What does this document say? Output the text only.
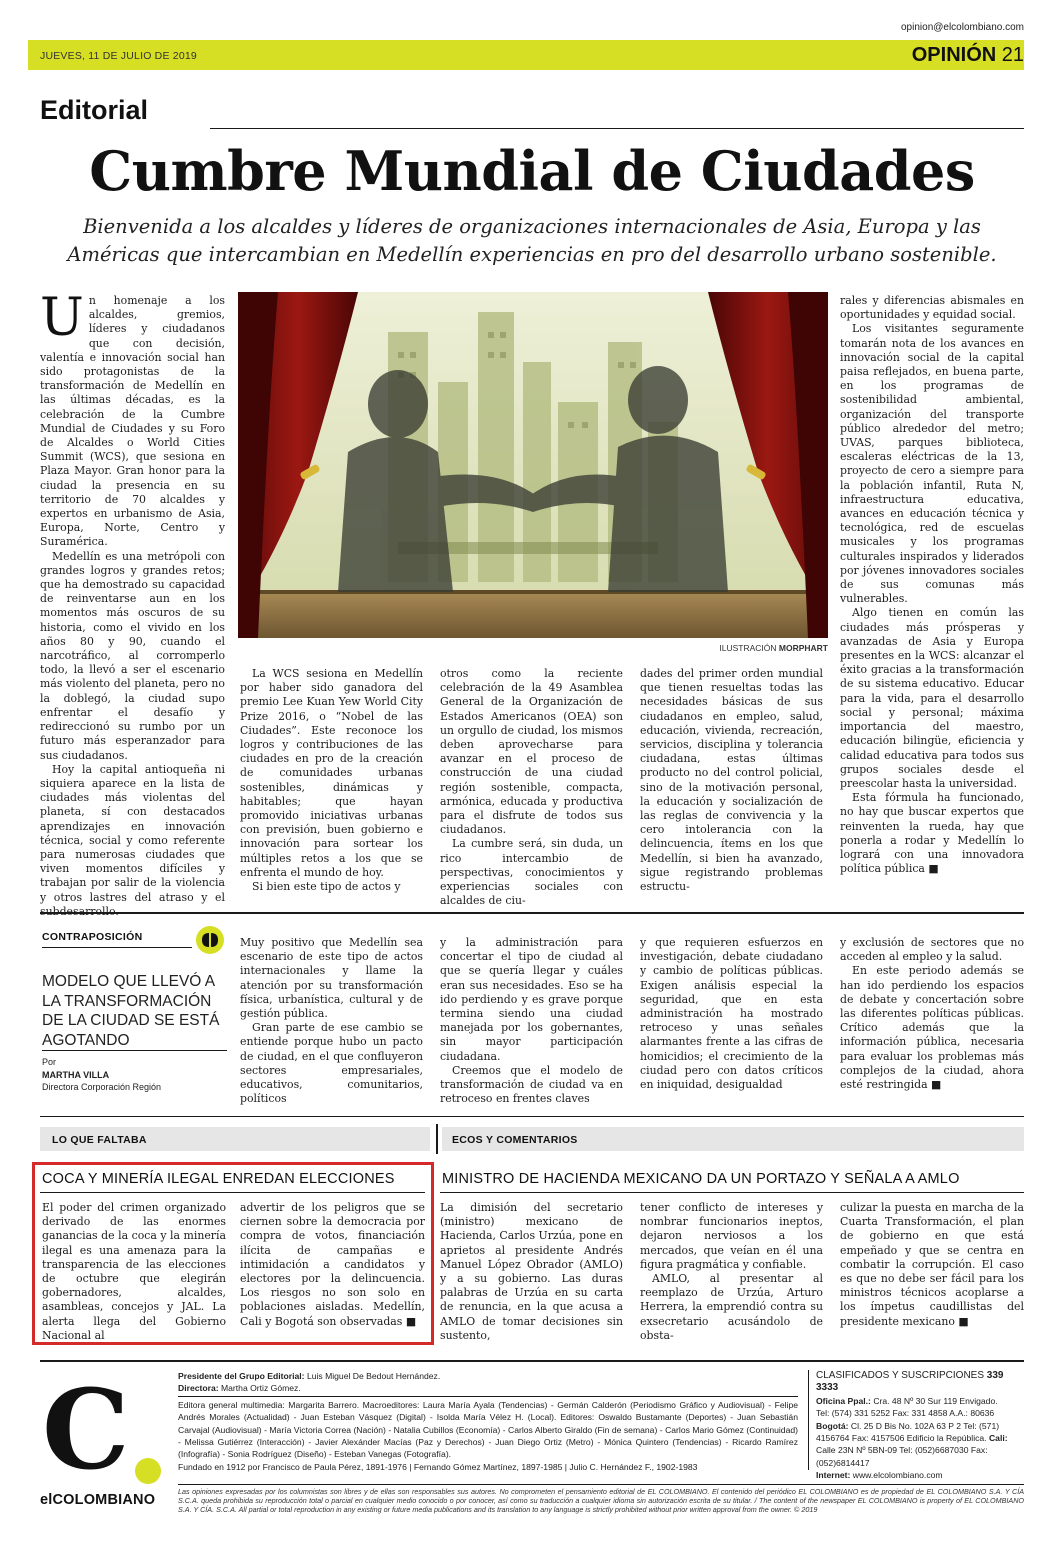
opinion@elcolombiano.com
JUEVES, 11 DE JULIO DE 2019	OPINIÓN 21
Editorial
Cumbre Mundial de Ciudades
Bienvenida a los alcaldes y líderes de organizaciones internacionales de Asia, Europa y las
Américas que intercambian en Medellín experiencias en pro del desarrollo urbano sostenible.

Un homenaje a los alcaldes, gremios, líderes y ciudadanos que con decisión, valentía e innovación social han sido protagonistas de la transformación de Medellín en las últimas décadas, es la celebración de la Cumbre Mundial de Ciudades y su Foro de Alcaldes o World Cities Summit (WCS), que sesiona en Plaza Mayor. Gran honor para la ciudad la presencia en su territorio de 70 alcaldes y expertos en urbanismo de Asia, Europa, Norte, Centro y Suramérica.

Medellín es una metrópoli con grandes logros y grandes retos; que ha demostrado su capacidad de reinventarse aun en los momentos más oscuros de su historia, como el vivido en los años 80 y 90, cuando el narcotráfico, al corromperlo todo, la llevó a ser el escenario más violento del planeta, pero no la doblegó, la ciudad supo enfrentar el desafío y redireccionó su rumbo por un futuro más esperanzador para sus ciudadanos.

Hoy la capital antioqueña ni siquiera aparece en la lista de ciudades más violentas del planeta, sí con destacados aprendizajes en innovación técnica, social y como referente para numerosas ciudades que viven momentos difíciles y trabajan por salir de la violencia y otros lastres del atraso y el

ILUSTRACIÓN MORPHART

La WCS sesiona en Medellín por haber sido ganadora del premio Lee Kuan Yew World City Prize 2016, o “Nobel de las Ciudades”. Este reconoce los logros y contribuciones de las ciudades en pro de la creación de comunidades urbanas sostenibles, dinámicas y habitables; que hayan promovido iniciativas urbanas con previsión, buen gobierno e innovación para sortear los múltiples retos a los que se enfrenta el mundo de hoy.

Si bien este tipo de actos y

otros como la reciente celebración de la 49 Asamblea General de la Organización de Estados Americanos (OEA) son un orgullo de ciudad, los mismos deben aprovecharse para avanzar en el proceso de construcción de una ciudad región sostenible, compacta, armónica, educada y productiva para el disfrute de todos sus ciudadanos.

La cumbre será, sin duda, un rico intercambio de perspectivas, conocimientos y experiencias sociales con alcaldes de ciu-

dades del primer orden mundial que tienen resueltas todas las necesidades básicas de sus ciudadanos en empleo, salud, educación, vivienda, recreación, servicios, disciplina y tolerancia ciudadana, estas últimas producto no del control policial, sino de la motivación personal, la educación y socialización de las reglas de convivencia y la cero intolerancia con la delincuencia, ítems en los que Medellín, si bien ha avanzado, sigue registrando problemas estructu-

rales y diferencias abismales en oportunidades y equidad social.

Los visitantes seguramente tomarán nota de los avances en innovación social de la capital paisa reflejados, en buena parte, en los programas de sostenibilidad ambiental, organización del transporte público alrededor del metro; UVAS, parques biblioteca, escaleras eléctricas de la 13, proyecto de cero a siempre para la población infantil, Ruta N, infraestructura educativa, avances en educación técnica y tecnológica, red de escuelas musicales y los programas culturales inspirados y liderados por jóvenes innovadores sociales de sus comunas más vulnerables.

Algo tienen en común las ciudades más prósperas y avanzadas de Asia y Europa presentes en la WCS: alcanzar el éxito gracias a la transformación de su sistema educativo. Educar para la vida, para el desarrollo social y personal; máxima importancia del maestro, educación bilingüe, eficiencia y calidad educativa para todos sus grupos sociales desde el preescolar hasta la universidad.

Esta fórmula ha funcionado, no hay que buscar expertos que reinventen la rueda, hay que ponerla a rodar y Medellín lo logrará con una innovadora política pública ■

CONTRAPOSICIÓN
MODELO QUE LLEVÓ A LA TRANSFORMACIÓN DE LA CIUDAD SE ESTÁ AGOTANDO
Por
MARTHA VILLA
Directora Corporación Región

Muy positivo que Medellín sea escenario de este tipo de actos internacionales y llame la atención por su transformación física, urbanística, cultural y de gestión pública.

Gran parte de ese cambio se entiende porque hubo un pacto de ciudad, en el que confluyeron sectores empresariales, educativos, comunitarios, políticos

y la administración para concertar el tipo de ciudad al que se quería llegar y cuáles eran sus necesidades. Eso se ha ido perdiendo y es grave porque termina siendo una ciudad manejada por los gobernantes, sin mayor participación ciudadana.

Creemos que el modelo de transformación de ciudad va en retroceso en frentes claves

y que requieren esfuerzos en investigación, debate ciudadano y cambio de políticas públicas. Exigen análisis especial la seguridad, que en esta administración ha mostrado retroceso y unas señales alarmantes frente a las cifras de homicidios; el crecimiento de la ciudad pero con datos críticos en iniquidad, desigualdad

y exclusión de sectores que no acceden al empleo y la salud.

En este periodo además se han ido perdiendo los espacios de debate y concertación sobre las diferentes políticas públicas. Crítico además que la información pública, necesaria para evaluar los problemas más complejos de la ciudad, ahora esté restringida ■

LO QUE FALTABA	ECOS Y COMENTARIOS
COCA Y MINERÍA ILEGAL ENREDAN ELECCIONES

El poder del crimen organizado derivado de las enormes ganancias de la coca y la minería ilegal es una amenaza para la transparencia de las elecciones de octubre que elegirán gobernadores, alcaldes, asambleas, concejos y JAL. La alerta llega del Gobierno Nacional al

advertir de los peligros que se ciernen sobre la democracia por compra de votos, financiación ilícita de campañas e intimidación a candidatos y electores por la delincuencia. Los riesgos no son solo en poblaciones aisladas. Medellín, Cali y Bogotá son observadas ■

MINISTRO DE HACIENDA MEXICANO DA UN PORTAZO Y SEÑALA A AMLO

La dimisión del secretario (ministro) mexicano de Hacienda, Carlos Urzúa, pone en aprietos al presidente Andrés Manuel López Obrador (AMLO) y a su gobierno. Las duras palabras de Urzúa en su carta de renuncia, en la que acusa a AMLO de tomar decisiones sin sustento,

tener conflicto de intereses y nombrar funcionarios ineptos, dejaron nerviosos a los mercados, que veían en él una figura pragmática y confiable.

AMLO, al presentar al reemplazo de Urzúa, Arturo Herrera, la emprendió contra su exsecretario acusándolo de obsta-

culizar la puesta en marcha de la Cuarta Transformación, el plan de gobierno en que está empeñado y que se centra en combatir la corrupción. El caso es que no debe ser fácil para los ministros técnicos acoplarse a los ímpetus caudillistas del presidente mexicano ■

C
elCOLOMBIANO
Presidente del Grupo Editorial: Luis Miguel De Bedout Hernández.
Directora: Martha Ortiz Gómez.
Editora general multimedia: Margarita Barrero. Macroeditores: Laura María Ayala (Tendencias) - Germán Calderón (Periodismo Gráfico y Audiovisual) - Felipe Andrés Morales (Actualidad) - Juan Esteban Vásquez (Digital) - Isolda María Vélez H. (Local). Editores: Oswaldo Bustamante (Deportes) - Juan Sebastián Carvajal (Audiovisual) - María Victoria Correa (Nación) - Natalia Cubillos (Economía) - Carlos Alberto Giraldo (Fin de semana) - Carlos Mario Gómez (Continuidad) - Melissa Gutiérrez (Interacción) - Javier Alexánder Macías (Paz y Derechos) - Juan Diego Ortiz (Metro) - Mónica Quintero (Tendencias) - Ricardo Ramírez (Infografía) - Sonia Rodríguez (Diseño) - Esteban Vanegas (Fotografía).
Fundado en 1912 por Francisco de Paula Pérez, 1891-1976 | Fernando Gómez Martínez, 1897-1985 | Julio C. Hernández F., 1902-1983
CLASIFICADOS Y SUSCRIPCIONES 339 3333
Oficina Ppal.: Cra. 48 Nº 30 Sur 119 Envigado.
Tel: (574) 331 5252 Fax: 331 4858 A.A.: 80636
Bogotá: Cl. 25 D Bis No. 102A 63 P 2 Tel: (571) 4156764 Fax: 4157506 Edificio la República. Cali: Calle 23N Nº 5BN-09 Tel: (052)6687030 Fax: (052)6814417
Internet: www.elcolombiano.com
Las opiniones expresadas por los columnistas son libres y de ellas son responsables sus autores. No comprometen el pensamiento editorial de EL COLOMBIANO. El contenido del periódico EL COLOMBIANO es de propiedad de EL COLOMBIANO S.A. Y CÍA S.C.A. queda prohibida su reproducción total o parcial en cualquier medio conocido o por conocer, así como su traducción a cualquier idioma sin autorización escrita de su titular. / The content of the newspaper EL COLOMBIANO is property of EL COLOMBIANO S.A. Y CÍA. S.C.A. All partial or total reproduction in any existing or future media publications and its translation to any language is strictly prohibited without prior written approval from the owner. © 2019
